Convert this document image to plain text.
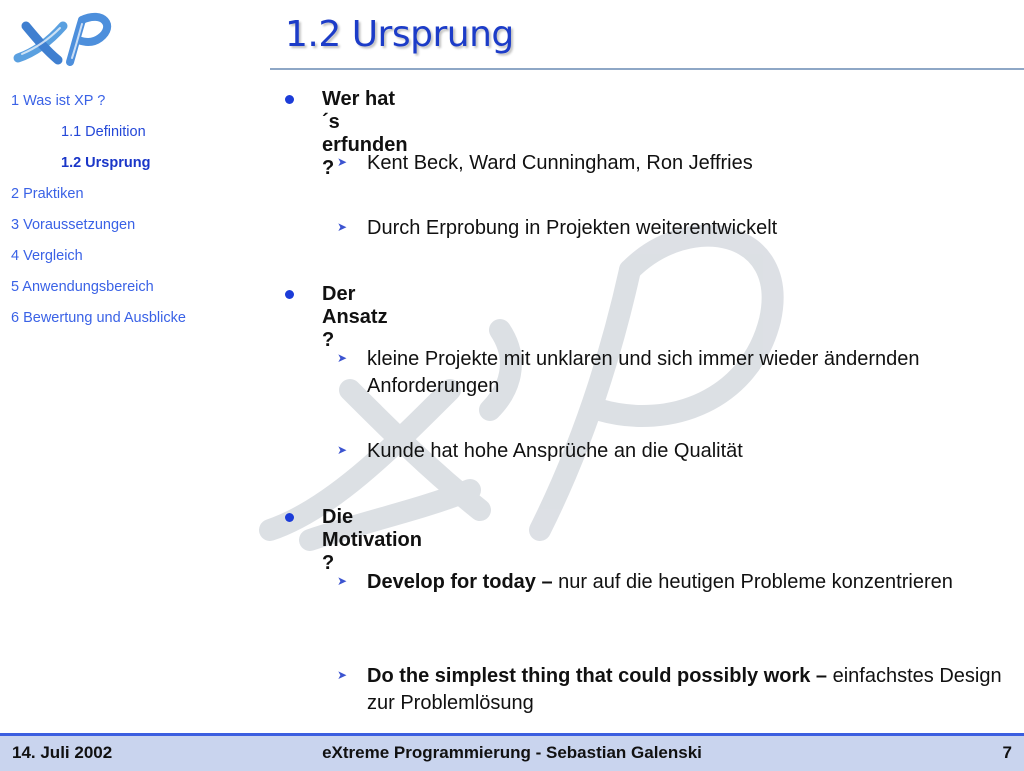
1.2 Ursprung
1 Was ist XP ?
1.1 Definition
1.2 Ursprung
2 Praktiken
3 Voraussetzungen
4 Vergleich
5 Anwendungsbereich
6 Bewertung und Ausblicke
Wer hat´s erfunden ? ➤ Kent Beck, Ward Cunningham, Ron Jeffries
➤ Durch Erprobung in Projekten weiterentwickelt
Der Ansatz ?
➤ kleine Projekte mit unklaren und sich immer wieder ändernden Anforderungen
➤ Kunde hat hohe Ansprüche an die Qualität
Die Motivation ?
➤ Develop for today – nur auf die heutigen Probleme konzentrieren
➤ Do the simplest thing that could possibly work – einfachstes Design zur Problemlösung
14. Juli 2002	eXtreme Programmierung - Sebastian Galenski	7
